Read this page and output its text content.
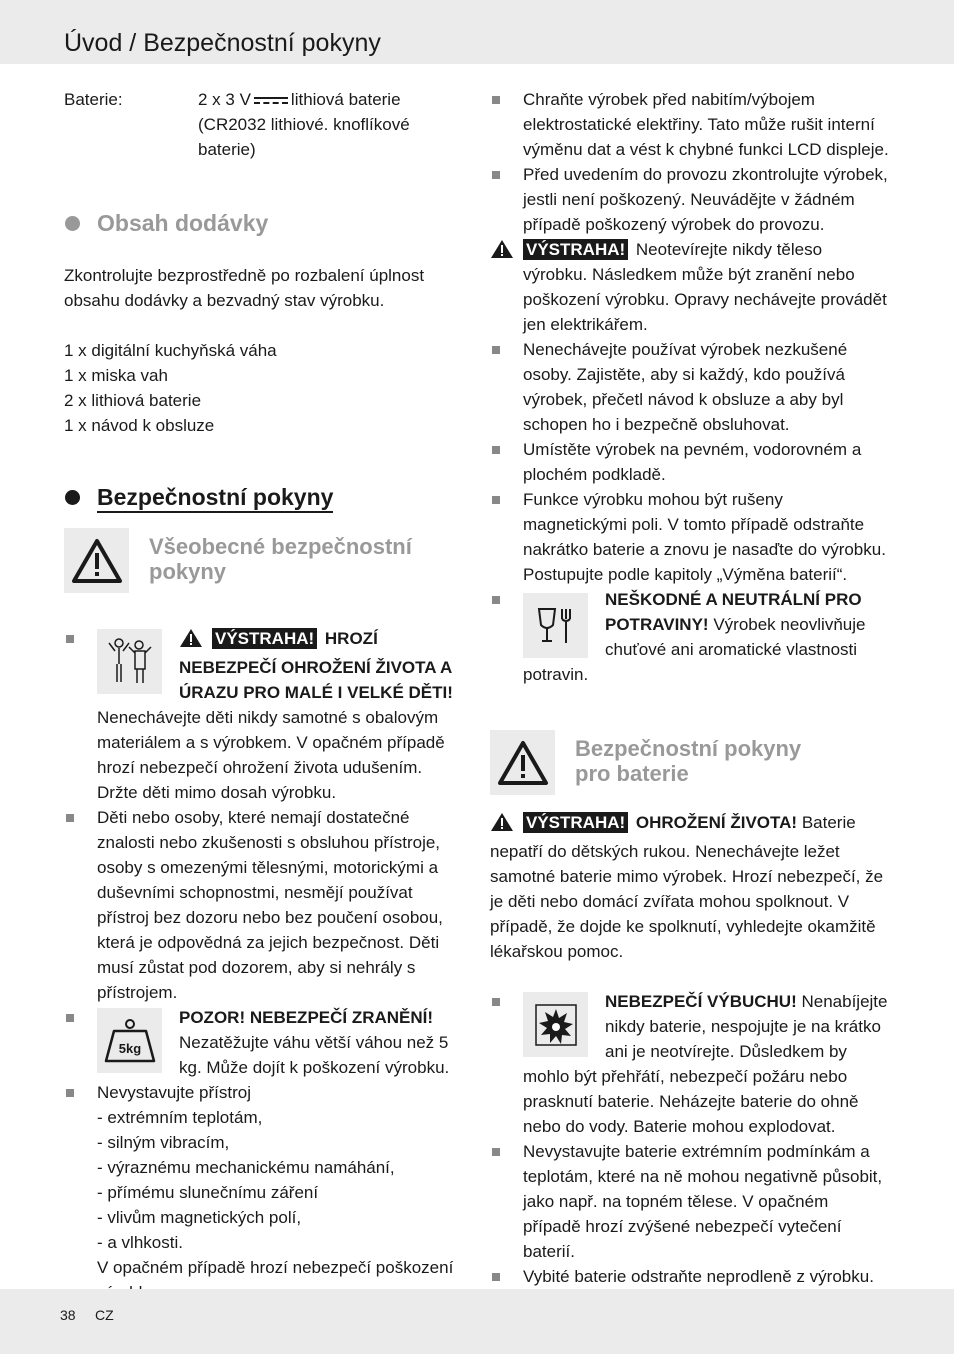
Úvod / Bezpečnostní pokyny
Baterie:	2 x 3 V lithiová baterie
(CR2032 lithiové. knoflíkové
baterie)
Obsah dodávky

Zkontrolujte bezprostředně po rozbalení úplnost obsahu dodávky a bezvadný stav výrobku.

1 x digitální kuchyňská váha

1 x miska vah

2 x lithiová baterie

1 x návod k obsluze

Bezpečnostní pokyny
Všeobecné bezpečnostní
pokyny
VÝSTRAHA! HROZÍ NEBEZPEČÍ OHROŽENÍ ŽIVOTA A ÚRAZU PRO MALÉ I VELKÉ DĚTI! Nenechávejte děti nikdy samotné s obalovým materiálem a s výrobkem. V opačném případě hrozí nebezpečí ohrožení života udušením. Držte děti mimo dosah výrobku.
Děti nebo osoby, které nemají dostatečné znalosti nebo zkušenosti s obsluhou přístroje, osoby s omezenými tělesnými, motorickými a duševními schopnostmi, nesmějí používat přístroj bez dozoru nebo bez poučení osobou, která je odpovědná za jejich bezpečnost. Děti musí zůstat pod dozorem, aby si nehrály s přístrojem.
5kg
POZOR! NEBEZPEČÍ ZRANĚNÍ! Nezatěžujte váhu větší váhou než 5 kg. Může dojít k poškození výrobku.

Nevystavujte přístroj

- extrémním teplotám,

- silným vibracím,

- výraznému mechanickému namáhání,

- přímému slunečnímu záření

- vlivům magnetických polí,

- a vlhkosti.

V opačném případě hrozí nebezpečí poškození

Chraňte výrobek před nabitím/výbojem elektrostatické elektřiny. Tato může rušit interní výměnu dat a vést k chybné funkci LCD displeje.
Před uvedením do provozu zkontrolujte výrobek, jestli není poškozený. Neuvádějte v žádném případě poškozený výrobek do provozu.
VÝSTRAHA! Neotevírejte nikdy těleso výrobku. Následkem může být zranění nebo poškození výrobku. Opravy nechávejte provádět jen elektrikářem.
Nenechávejte používat výrobek nezkušené osoby. Zajistěte, aby si každý, kdo používá výrobek, přečetl návod k obsluze a aby byl schopen ho i bezpečně obsluhovat.
Umístěte výrobek na pevném, vodorovném a plochém podkladě.
Funkce výrobku mohou být rušeny magnetickými poli. V tomto případě odstraňte nakrátko baterie a znovu je nasaďte do výrobku. Postupujte podle kapitoly „Výměna baterií“.
NEŠKODNÉ A NEUTRÁLNÍ PRO POTRAVINY! Výrobek neovlivňuje chuťové ani aromatické vlastnosti potravin.
Bezpečnostní pokyny
pro baterie
VÝSTRAHA! OHROŽENÍ ŽIVOTA! Baterie nepatří do dětských rukou. Nenechávejte ležet samotné baterie mimo výrobek. Hrozí nebezpečí, že je děti nebo domácí zvířata mohou spolknout. V případě, že dojde ke spolknutí, vyhledejte okamžitě lékařskou pomoc.
NEBEZPEČÍ VÝBUCHU! Nenabíjejte nikdy baterie, nespojujte je na krátko ani je neotvírejte. Důsledkem by mohlo být přehřátí, nebezpečí požáru nebo prasknutí baterie. Neházejte baterie do ohně nebo do vody. Baterie mohou explodovat.
Nevystavujte baterie extrémním podmínkám a teplotám, které na ně mohou negativně působit, jako např. na topném tělese. V opačném případě hrozí zvýšené nebezpečí vytečení baterií.
Vybité baterie odstraňte neprodleně z výrobku.
38 CZ
